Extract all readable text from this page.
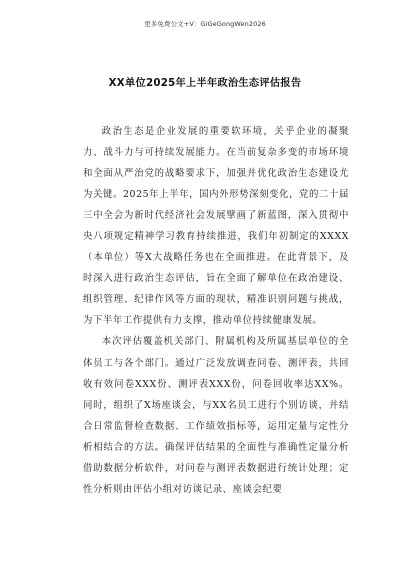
更多免费公文+V：GiGeGongWen2026
XX单位2025年上半年政治生态评估报告

政治生态是企业发展的重要软环境，关乎企业的凝聚力、战斗力与可持续发展能力。在当前复杂多变的市场环境和全面从严治党的战略要求下，加强并优化政治生态建设尤为关键。2025年上半年，国内外形势深刻变化，党的二十届三中全会为新时代经济社会发展擘画了新蓝图，深入贯彻中央八项规定精神学习教育持续推进，我们年初制定的XXXX（本单位）等X大战略任务也在全面推进。在此背景下，及时深入进行政治生态评估，旨在全面了解单位在政治建设、组织管理、纪律作风等方面的现状，精准识别问题与挑战，为下半年工作提供有力支撑，推动单位持续健康发展。

本次评估覆盖机关部门、附属机构及所属基层单位的全体员工与各个部门。通过广泛发放调查问卷、测评表，共回收有效问卷XXX份、测评表XXX份，问卷回收率达XX%。同时，组织了X场座谈会，与XX名员工进行个别访谈，并结合日常监督检查数据、工作绩效指标等，运用定量与定性分析相结合的方法。确保评估结果的全面性与准确性定量分析借助数据分析软件，对问卷与测评表数据进行统计处理；定性分析则由评估小组对访谈记录、座谈会纪要
